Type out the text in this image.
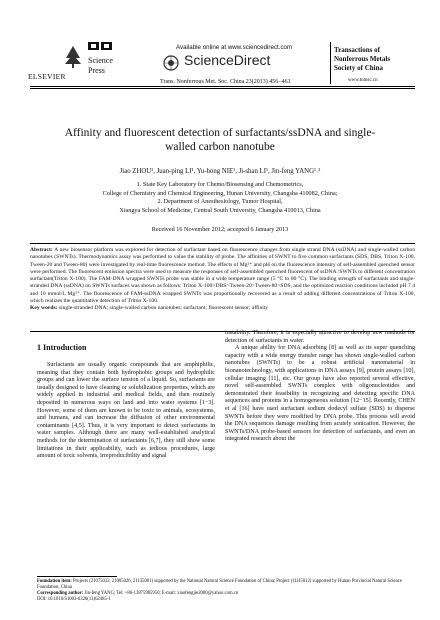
ELSEVIER
Science
Press
Available online at www.sciencedirect.com
ScienceDirect
Trans. Nonferrous Met. Soc. China 23(2013) 456−461
Transactions of Nonferrous Metals Society of China
www.tnmsc.cn
Affinity and fluorescent detection of surfactants/ssDNA and single-walled carbon nanotube
Jiao ZHOU¹, Juan-ping LI¹, Yu-hong NIE¹, Ji-shan LI¹, Jin-feng YANG¹˒²
1. State Key Laboratory for Chemo/Biosensing and Chemometrics,
College of Chemistry and Chemical Engineering, Hunan University, Changsha 410082, China;
2. Department of Anesthesiology, Tumor Hospital,
Xiangya School of Medicine, Central South University, Changsha 410013, China
Received 16 November 2012; accepted 6 January 2013
Abstract: A new biosensor platform was explored for detection of surfactant based on fluorescence changes from single strand DNA (ssDNA) and single-walled carbon nanotubes (SWNTs). Thermodynamics assay was performed to value the stability of probe. The affinities of SWNT to five common surfactants (SDS, DBS, Triton X-100, Tween-20 and Tween-80) were investigated by real-time fluorescence method. The effects of Mg²⁺ and pH on the fluorescence intensity of self-assembled quenched sensor were performed. The fluorescent emission spectra were used to measure the responses of self-assembled quenched fluorescent of ssDNA /SWNTs to different concentration surfactant(Triton X-100). The FAM-DNA wrapped SWNTs probe was stable in a wide temperature range (5 °C to 80 °C). The binding strength of surfactants and single-stranded DNA (ssDNA) on SWNTs surfaces was shown as follows: Triton X-100>DBS>Tween-20>Tween-80>SDS, and the optimized reaction conditions included pH 7.4 and 10 mmol/L Mg²⁺. The fluorescence of FAM-ssDNA wrapped SWNTs was proportionally recovered as a result of adding different concentrations of Triton X-100, which realizes the quantitative detection of Triton X-100.
Key words: single-stranded DNA; single-walled carbon nanotubes; surfactant; fluorescent sensor; affinity
1 Introduction

Surfactants are usually organic compounds that are amphiphilic, meaning that they contain both hydrophobic groups and hydrophilic groups and can lower the surface tension of a liquid. So, surfactants are usually designed to have cleaning or solubilization properties, which are widely applied in industrial and medical fields, and then routinely deposited in numerous ways on land and into water systems [1−3]. However, some of them are known to be toxic to animals, ecosystems, and humans, and can increase the diffusion of other environmental contaminants [4,5]. Thus, it is very important to detect surfactants in water samples. Although there are many well-established analytical methods for the determination of surfactants [6,7], they still show some limitations in their applicability, such as tedious procedures, large amount of toxic solvents, irreproducibility and signal

instability. Therefore, it is especially attractive to develop new methods for detection of surfactants in water.

A unique ability for DNA adsorbing [8] as well as its super quenching capacity with a wide energy transfer range has shown single-walled carbon nanotubes (SWNTs) to be a robust artificial nanomaterial in bionanotechnology, with applications in DNA assays [9], protein assays [10], cellular imaging [11], etc. Our group have also reported several effective, novel self-assembled SWNTs complex with oligonucleotides and demonstrated their feasibility in recognizing and detecting specific DNA sequences and proteins in a homogeneous solution [12−15]. Recently, CHEN et al [16] have used surfactant sodium dodecyl sulfate (SDS) to disperse SWNTs before they were modified by DNA probe. This process will avoid the DNA sequences damage resulting from acutely sonication. However, the SWNTs/DNA probe-based sensors for detection of surfactants, and even an integrated research about the

Foundation item: Projects (21075032, 21005026, 21135001) supported by the National Natural Science Foundation of China; Project (11JJ5012) supported by Hunan Provincial Natural Science Foundation, China
Corresponding author: Jin-feng YANG; Tel: +86-13875985950; E-mail: xiaofengjie2000@yahoo.com.cn
DOI: 10.1016/S1003-6326(13)62485-1
